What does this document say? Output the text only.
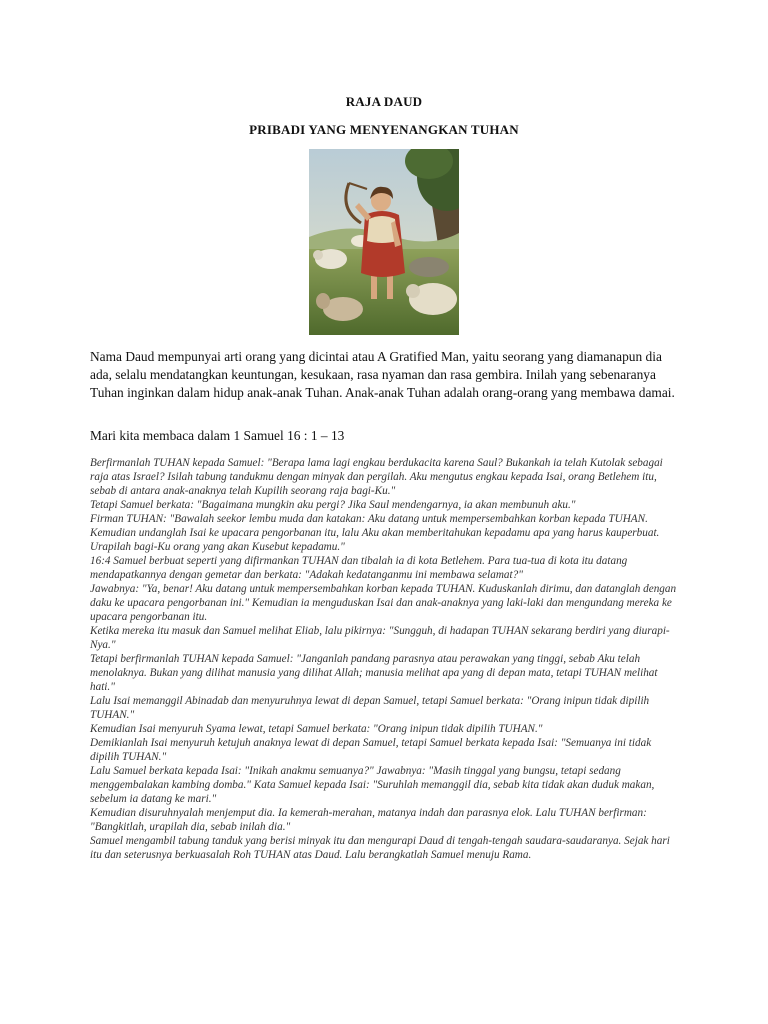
RAJA DAUD
PRIBADI YANG MENYENANGKAN TUHAN

Nama Daud mempunyai arti orang yang dicintai atau A Gratified Man, yaitu seorang yang diamanapun dia ada, selalu mendatangkan keuntungan, kesukaan, rasa nyaman dan rasa gembira. Inilah yang sebenaranya Tuhan inginkan dalam hidup anak-anak Tuhan. Anak-anak Tuhan adalah orang-orang yang membawa damai.

Mari kita membaca dalam 1 Samuel 16 : 1 – 13

Berfirmanlah TUHAN kepada Samuel: "Berapa lama lagi engkau berdukacita karena Saul? Bukankah ia telah Kutolak sebagai raja atas Israel? Isilah tabung tandukmu dengan minyak dan pergilah. Aku mengutus engkau kepada Isai, orang Betlehem itu, sebab di antara anak-anaknya telah Kupilih seorang raja bagi-Ku."

Tetapi Samuel berkata: "Bagaimana mungkin aku pergi? Jika Saul mendengarnya, ia akan membunuh aku."

Firman TUHAN: "Bawalah seekor lembu muda dan katakan: Aku datang untuk mempersembahkan korban kepada TUHAN.

Kemudian undanglah Isai ke upacara pengorbanan itu, lalu Aku akan memberitahukan kepadamu apa yang harus kauperbuat. Urapilah bagi-Ku orang yang akan Kusebut kepadamu."

16:4 Samuel berbuat seperti yang difirmankan TUHAN dan tibalah ia di kota Betlehem. Para tua-tua di kota itu datang mendapatkannya dengan gemetar dan berkata: "Adakah kedatanganmu ini membawa selamat?"

Jawabnya: "Ya, benar! Aku datang untuk mempersembahkan korban kepada TUHAN. Kuduskanlah dirimu, dan datanglah dengan daku ke upacara pengorbanan ini." Kemudian ia menguduskan Isai dan anak-anaknya yang laki-laki dan mengundang mereka ke upacara pengorbanan itu.

Ketika mereka itu masuk dan Samuel melihat Eliab, lalu pikirnya: "Sungguh, di hadapan TUHAN sekarang berdiri yang diurapi-Nya."

Tetapi berfirmanlah TUHAN kepada Samuel: "Janganlah pandang parasnya atau perawakan yang tinggi, sebab Aku telah menolaknya. Bukan yang dilihat manusia yang dilihat Allah; manusia melihat apa yang di depan mata, tetapi TUHAN melihat hati."

Lalu Isai memanggil Abinadab dan menyuruhnya lewat di depan Samuel, tetapi Samuel berkata: "Orang inipun tidak dipilih TUHAN."

Kemudian Isai menyuruh Syama lewat, tetapi Samuel berkata: "Orang inipun tidak dipilih TUHAN."

Demikianlah Isai menyuruh ketujuh anaknya lewat di depan Samuel, tetapi Samuel berkata kepada Isai: "Semuanya ini tidak dipilih TUHAN."

Lalu Samuel berkata kepada Isai: "Inikah anakmu semuanya?" Jawabnya: "Masih tinggal yang bungsu, tetapi sedang menggembalakan kambing domba." Kata Samuel kepada Isai: "Suruhlah memanggil dia, sebab kita tidak akan duduk makan, sebelum ia datang ke mari."

Kemudian disuruhnyalah menjemput dia. Ia kemerah-merahan, matanya indah dan parasnya elok. Lalu TUHAN berfirman: "Bangkitlah, urapilah dia, sebab inilah dia."

Samuel mengambil tabung tanduk yang berisi minyak itu dan mengurapi Daud di tengah-tengah saudara-saudaranya. Sejak hari itu dan seterusnya berkuasalah Roh TUHAN atas Daud. Lalu berangkatlah Samuel menuju Rama.
